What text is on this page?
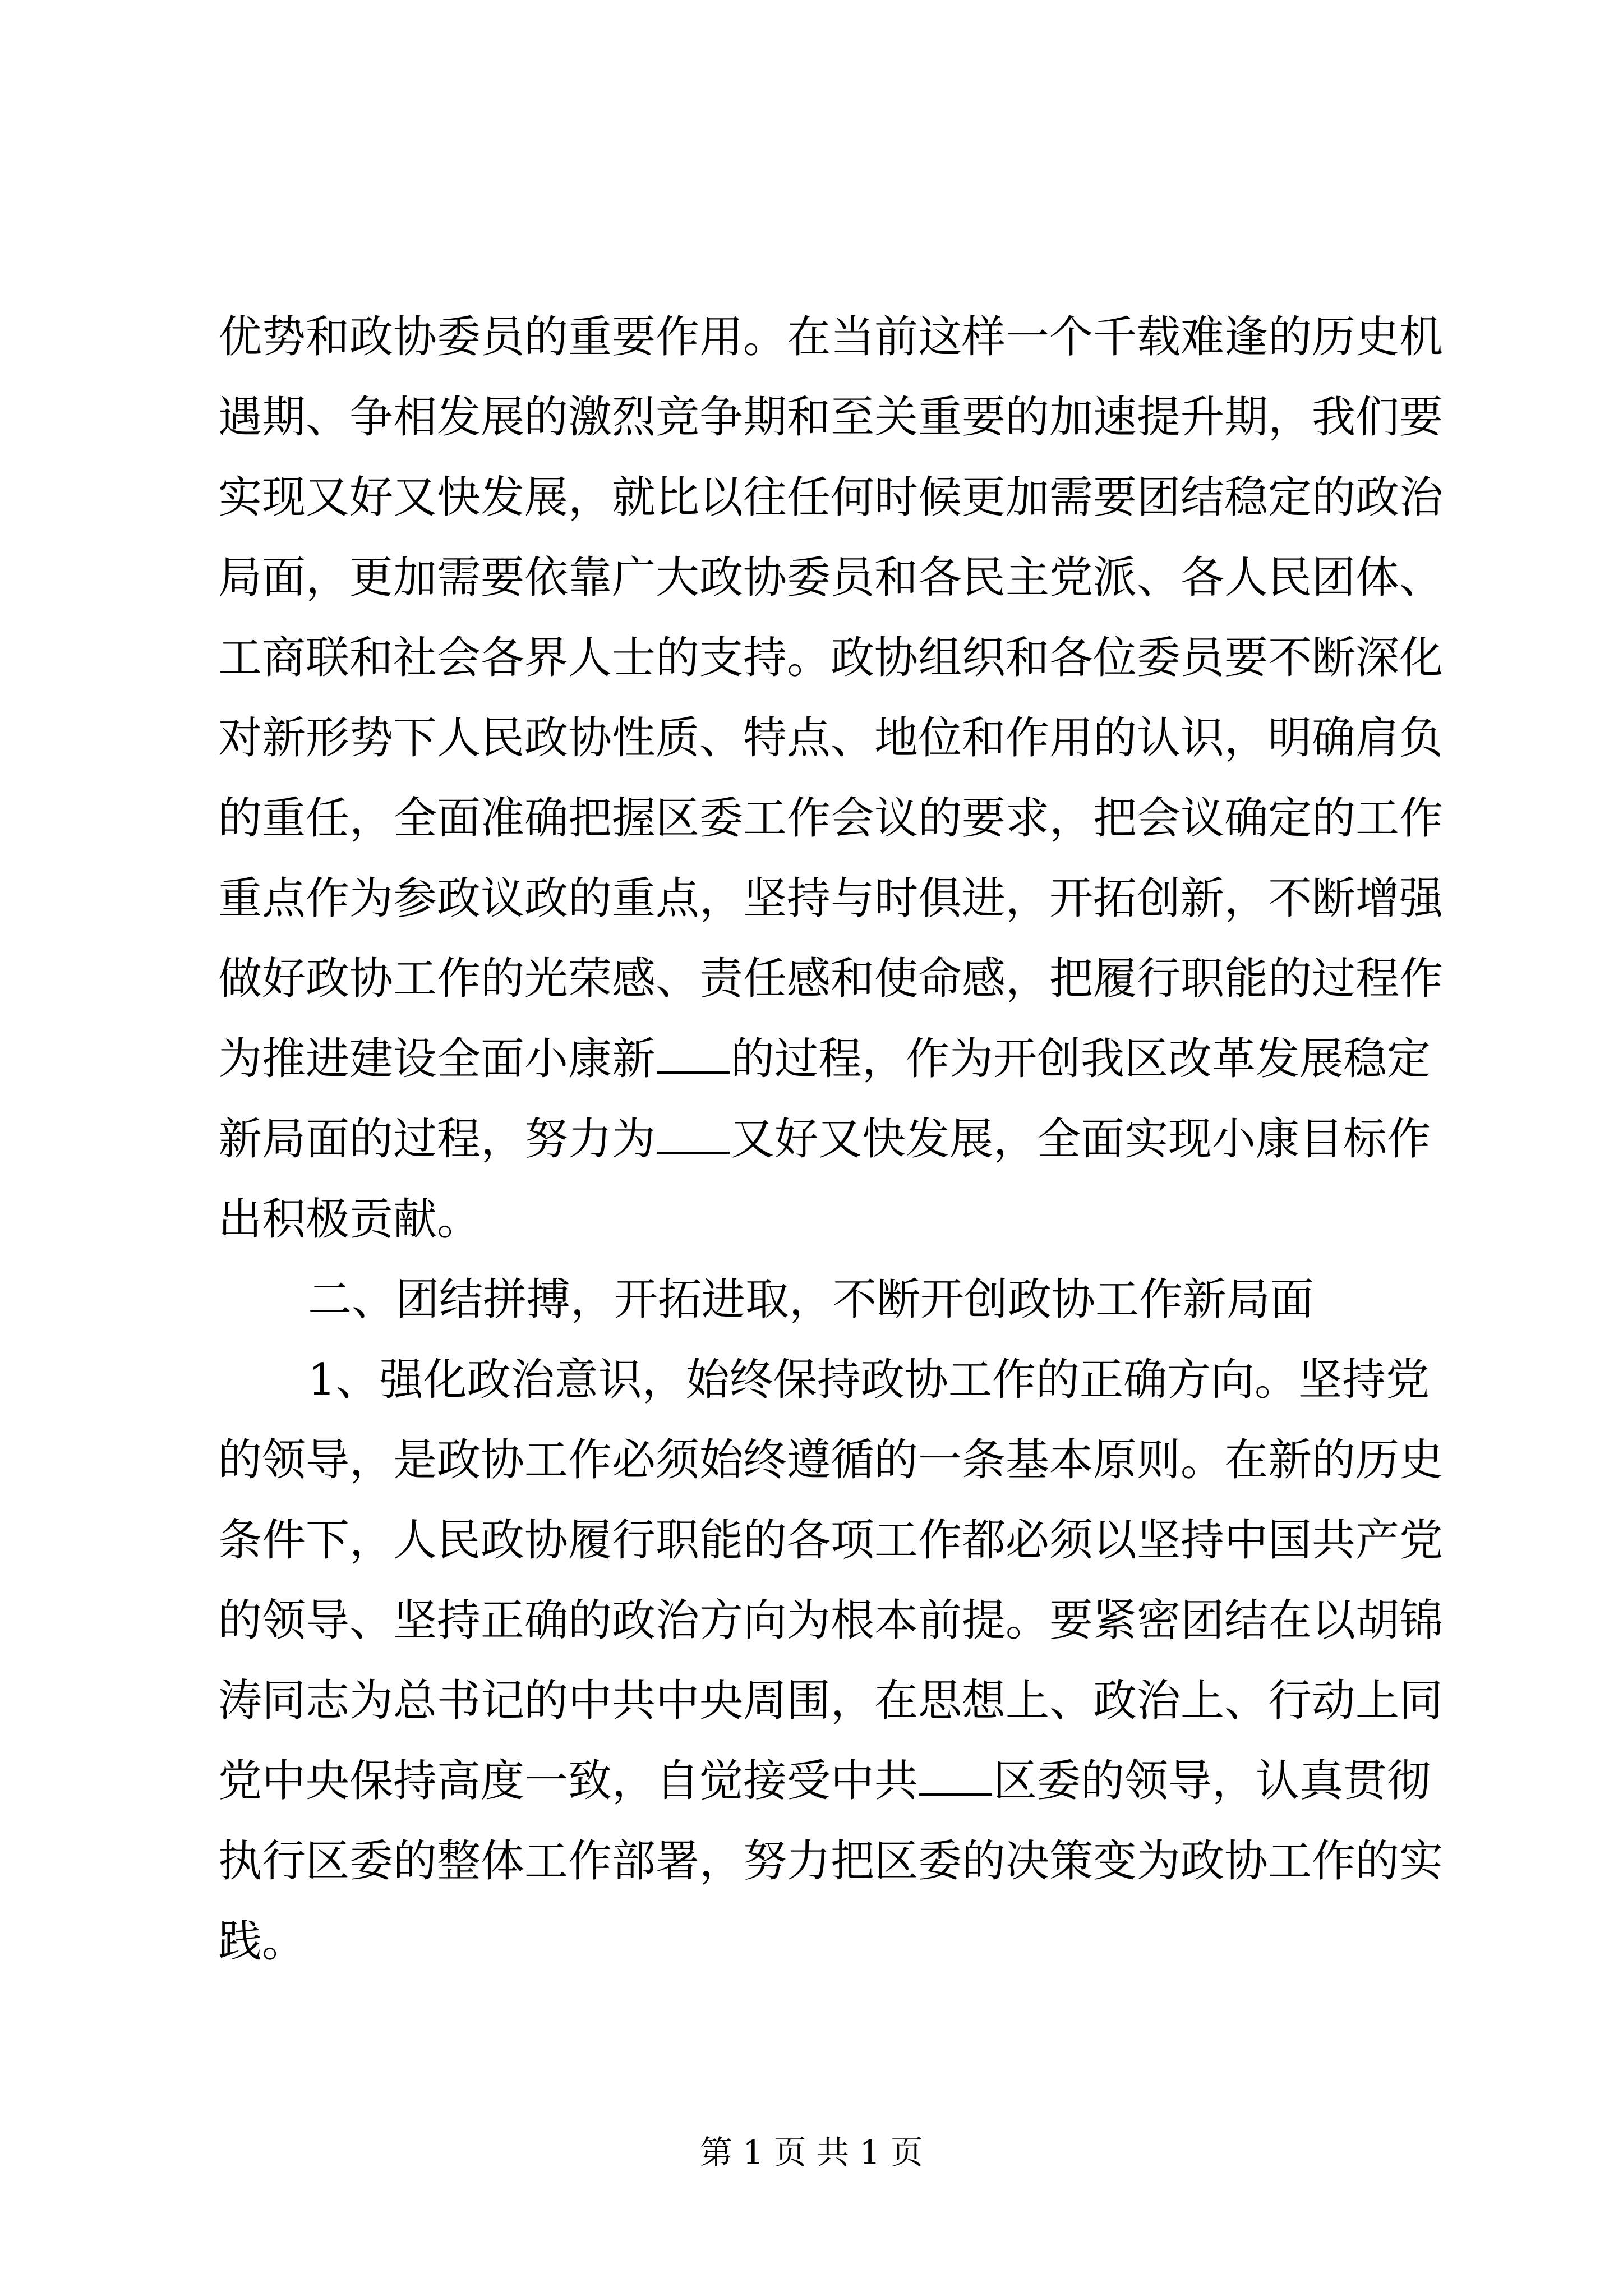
优势和政协委员的重要作用。在当前这样一个千载难逢的历史机
遇期、争相发展的激烈竞争期和至关重要的加速提升期，我们要
实现又好又快发展，就比以往任何时候更加需要团结稳定的政治
局面，更加需要依靠广大政协委员和各民主党派、各人民团体、
工商联和社会各界人士的支持。政协组织和各位委员要不断深化
对新形势下人民政协性质、特点、地位和作用的认识，明确肩负
的重任，全面准确把握区委工作会议的要求，把会议确定的工作
重点作为参政议政的重点，坚持与时俱进，开拓创新，不断增强
做好政协工作的光荣感、责任感和使命感，把履行职能的过程作
为推进建设全面小康新 的过程，作为开创我区改革发展稳定
新局面的过程，努力为 又好又快发展，全面实现小康目标作
出积极贡献。
二、团结拼搏，开拓进取，不断开创政协工作新局面
1、强化政治意识，始终保持政协工作的正确方向。坚持党
的领导，是政协工作必须始终遵循的一条基本原则。在新的历史
条件下，人民政协履行职能的各项工作都必须以坚持中国共产党
的领导、坚持正确的政治方向为根本前提。要紧密团结在以胡锦
涛同志为总书记的中共中央周围，在思想上、政治上、行动上同
党中央保持高度一致，自觉接受中共 区委的领导，认真贯彻
执行区委的整体工作部署，努力把区委的决策变为政协工作的实
践。
第 1 页 共 1 页
